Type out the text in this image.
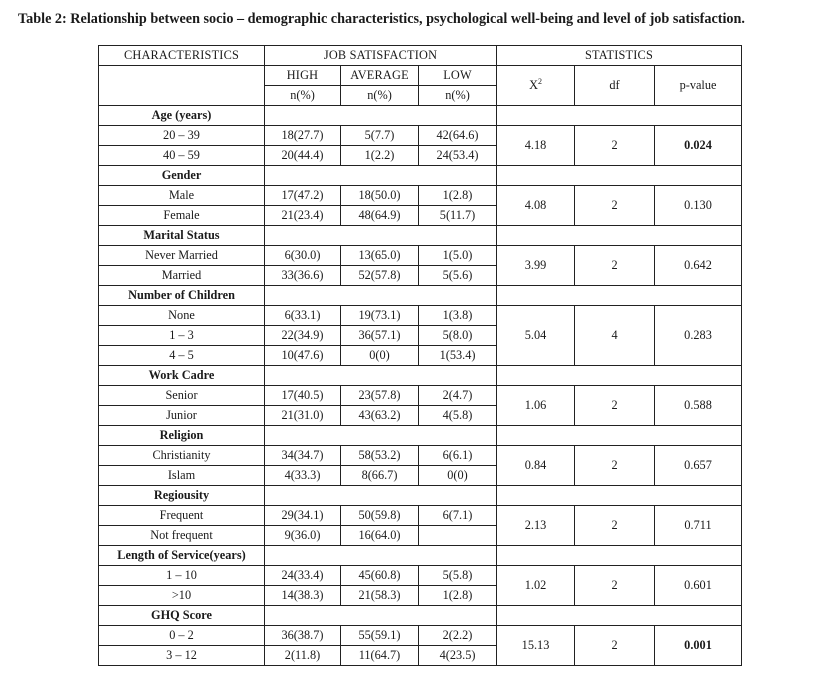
Table 2: Relationship between socio – demographic characteristics, psychological well-being and level of job satisfaction.
CHARACTERISTICS	JOB SATISFACTION			STATISTICS		
	HIGH	AVERAGE	LOW	$X^2$	df	p-value
	n(%)	n(%)	n(%)			
Age (years)						
20 – 39	18(27.7)	5(7.7)	42(64.6)	4.18	2	0.024
40 – 59	20(44.4)	1(2.2)	24(53.4)			
Gender						
Male	17(47.2)	18(50.0)	1(2.8)	4.08	2	0.130
Female	21(23.4)	48(64.9)	5(11.7)			
Marital Status						
Never Married	6(30.0)	13(65.0)	1(5.0)	3.99	2	0.642
Married	33(36.6)	52(57.8)	5(5.6)			
Number of Children						
None	6(33.1)	19(73.1)	1(3.8)	5.04	4	0.283
1 – 3	22(34.9)	36(57.1)	5(8.0)			
4 – 5	10(47.6)	0(0)	1(53.4)			
Work Cadre						
Senior	17(40.5)	23(57.8)	2(4.7)	1.06	2	0.588
Junior	21(31.0)	43(63.2)	4(5.8)			
Religion						
Christianity	34(34.7)	58(53.2)	6(6.1)	0.84	2	0.657
Islam	4(33.3)	8(66.7)	0(0)			
Regiousity						
Frequent	29(34.1)	50(59.8)	6(7.1)	2.13	2	0.711
Not frequent	9(36.0)	16(64.0)				
Length of Service(years)						
1 – 10	24(33.4)	45(60.8)	5(5.8)	1.02	2	0.601
>10	14(38.3)	21(58.3)	1(2.8)			
GHQ Score						
0 – 2	36(38.7)	55(59.1)	2(2.2)	15.13	2	0.001
3 – 12	2(11.8)	11(64.7)	4(23.5)			
